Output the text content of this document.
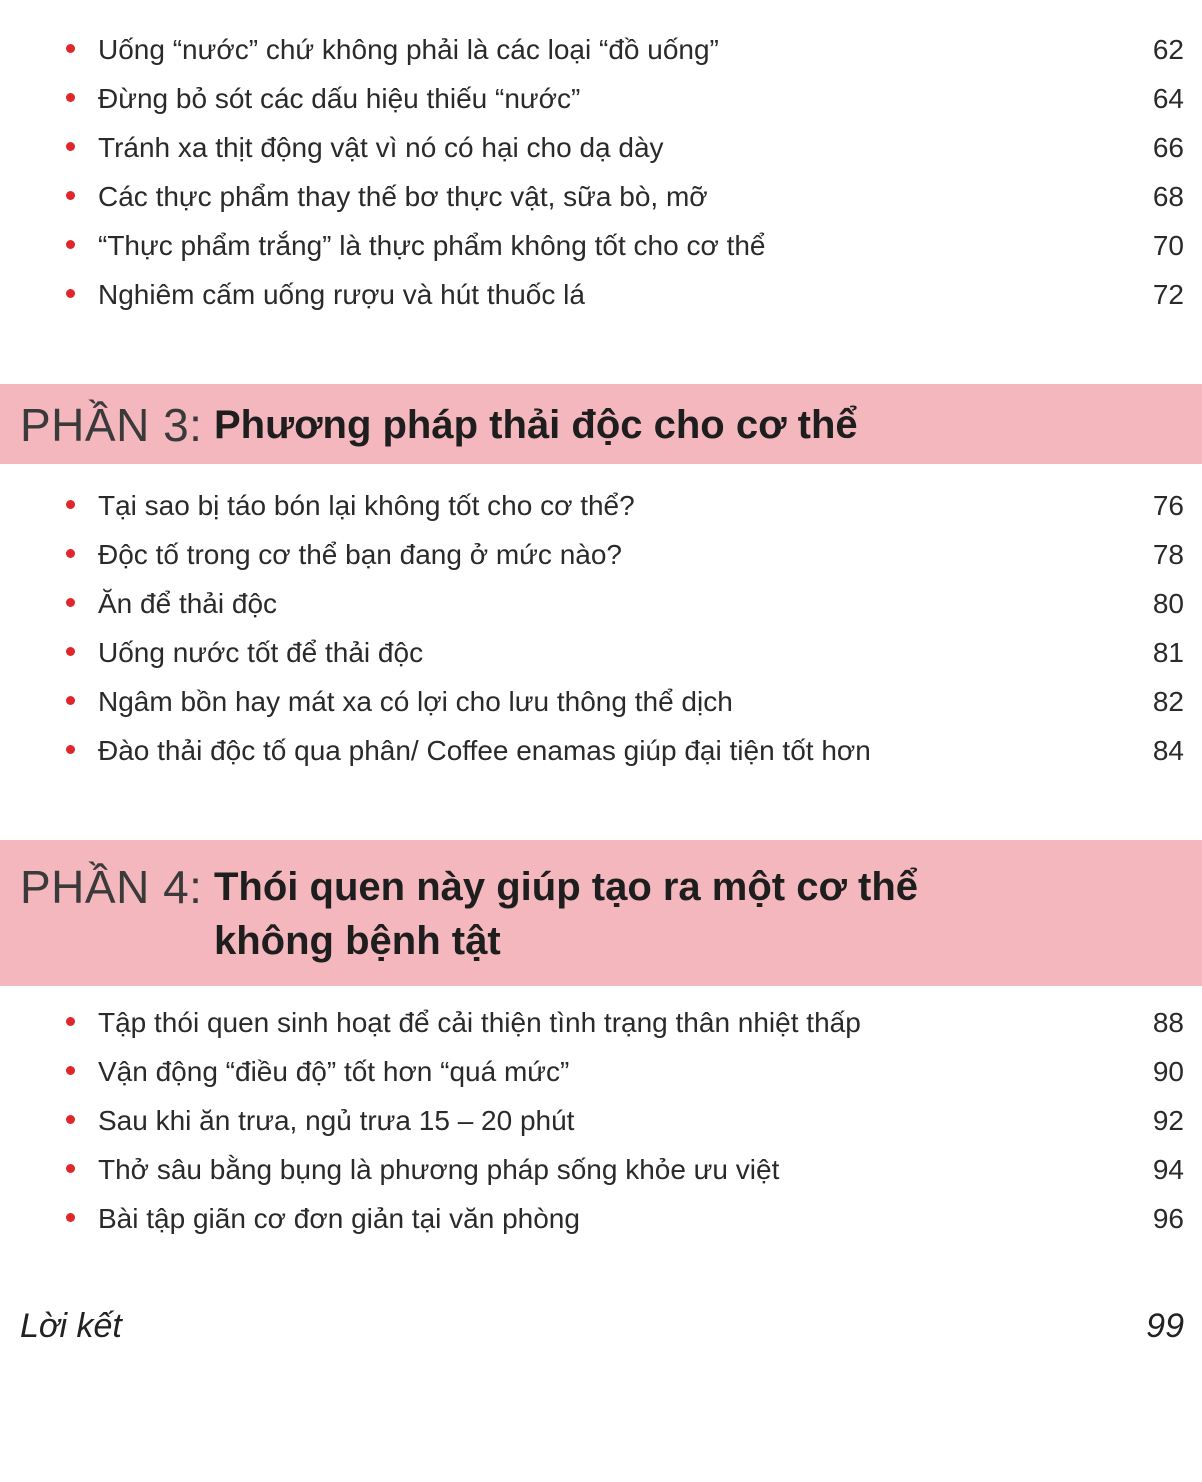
Uống “nước” chứ không phải là các loại “đồ uống”	62
Đừng bỏ sót các dấu hiệu thiếu “nước”	64
Tránh xa thịt động vật vì nó có hại cho dạ dày	66
Các thực phẩm thay thế bơ thực vật, sữa bò, mỡ	68
“Thực phẩm trắng” là thực phẩm không tốt cho cơ thể	70
Nghiêm cấm uống rượu và hút thuốc lá	72
PHẦN 3: Phương pháp thải độc cho cơ thể
Tại sao bị táo bón lại không tốt cho cơ thể?	76
Độc tố trong cơ thể bạn đang ở mức nào?	78
Ăn để thải độc	80
Uống nước tốt để thải độc	81
Ngâm bồn hay mát xa có lợi cho lưu thông thể dịch	82
Đào thải độc tố qua phân/ Coffee enamas giúp đại tiện tốt hơn	84
PHẦN 4: Thói quen này giúp tạo ra một cơ thể
không bệnh tật
Tập thói quen sinh hoạt để cải thiện tình trạng thân nhiệt thấp	88
Vận động “điều độ” tốt hơn “quá mức”	90
Sau khi ăn trưa, ngủ trưa 15 – 20 phút	92
Thở sâu bằng bụng là phương pháp sống khỏe ưu việt	94
Bài tập giãn cơ đơn giản tại văn phòng	96
Lời kết	99
